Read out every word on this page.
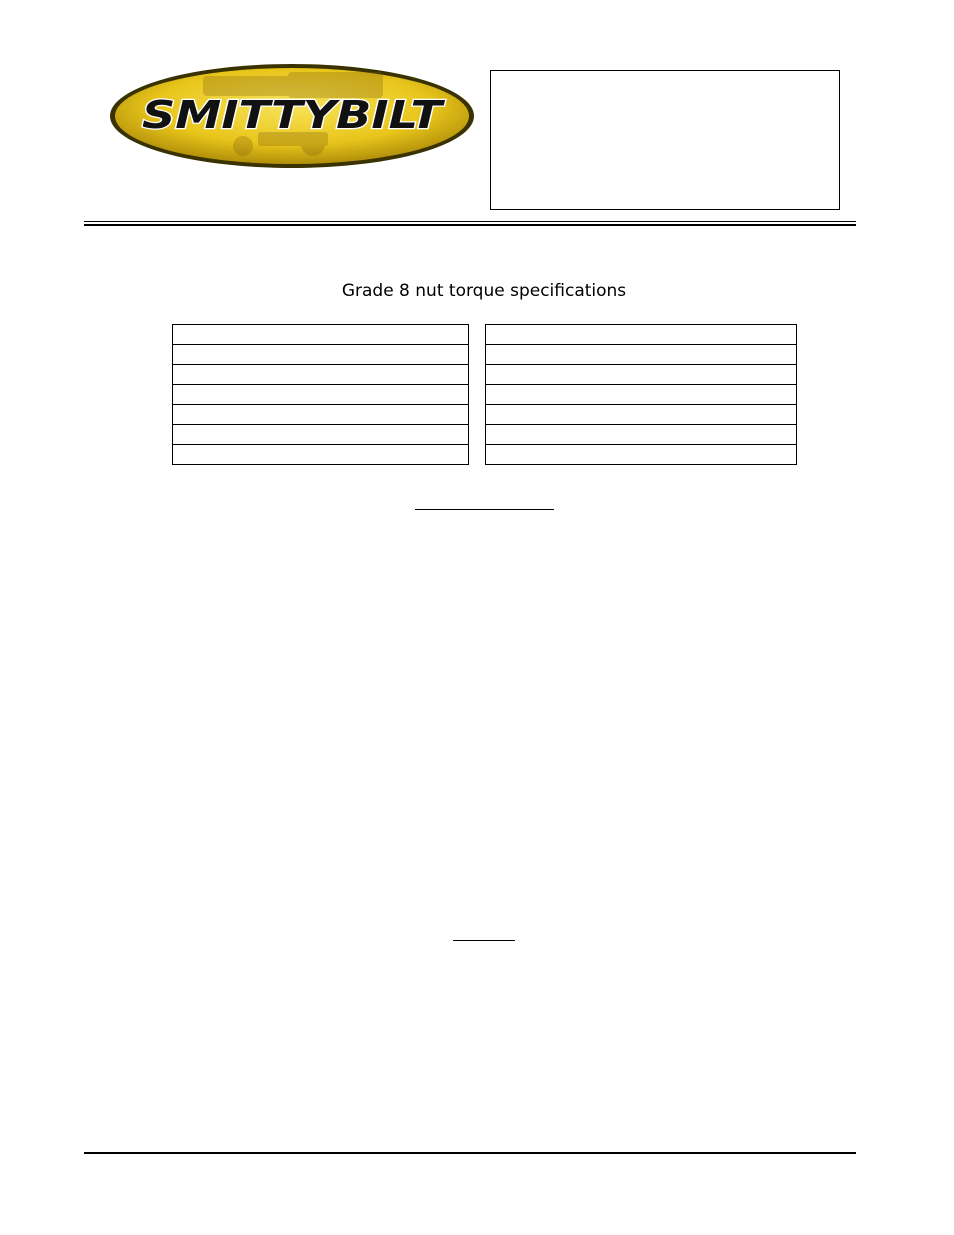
SMITTYBILT
Grade 8 nut torque specifications
